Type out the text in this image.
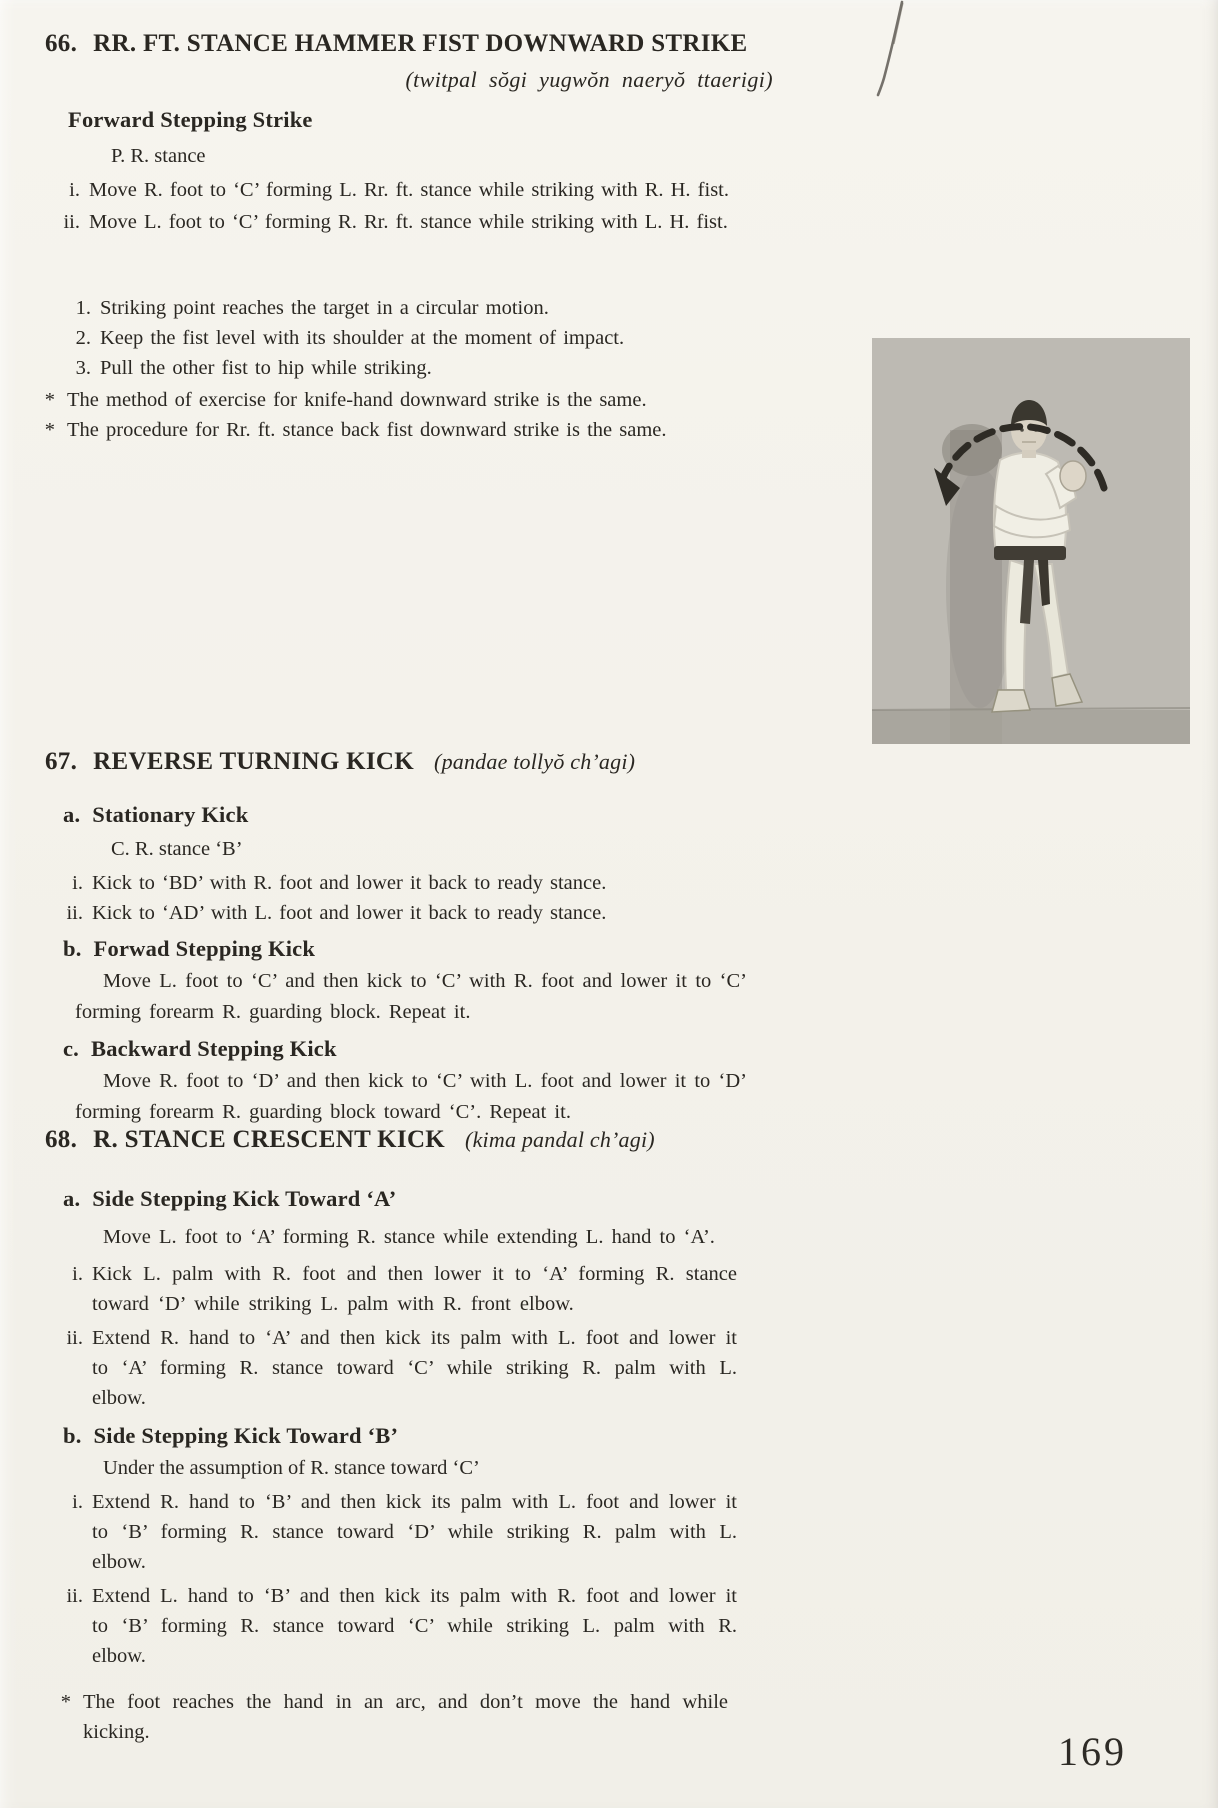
66. RR. FT. STANCE HAMMER FIST DOWNWARD STRIKE
(twitpal sŏgi yugwŏn naeryŏ ttaerigi)
Forward Stepping Strike
P. R. stance
i. Move R. foot to ‘C’ forming L. Rr. ft. stance while striking with R. H. fist.
ii. Move L. foot to ‘C’ forming R. Rr. ft. stance while striking with L. H. fist.
1. Striking point reaches the target in a circular motion.
2. Keep the fist level with its shoulder at the moment of impact.
3. Pull the other fist to hip while striking.
* The method of exercise for knife-hand downward strike is the same.
* The procedure for Rr. ft. stance back fist downward strike is the same.
67. REVERSE TURNING KICK (pandae tollyŏ ch’agi)
a. Stationary Kick
C. R. stance ‘B’
i. Kick to ‘BD’ with R. foot and lower it back to ready stance.
ii. Kick to ‘AD’ with L. foot and lower it back to ready stance.
b. Forwad Stepping Kick
Move L. foot to ‘C’ and then kick to ‘C’ with R. foot and lower it to ‘C’ forming forearm R. guarding block. Repeat it.
c. Backward Stepping Kick
Move R. foot to ‘D’ and then kick to ‘C’ with L. foot and lower it to ‘D’ forming forearm R. guarding block toward ‘C’. Repeat it.
68. R. STANCE CRESCENT KICK (kima pandal ch’agi)
a. Side Stepping Kick Toward ‘A’
Move L. foot to ‘A’ forming R. stance while extending L. hand to ‘A’.
i. Kick L. palm with R. foot and then lower it to ‘A’ forming R. stance toward ‘D’ while striking L. palm with R. front elbow.
ii. Extend R. hand to ‘A’ and then kick its palm with L. foot and lower it to ‘A’ forming R. stance toward ‘C’ while striking R. palm with L. elbow.
b. Side Stepping Kick Toward ‘B’
Under the assumption of R. stance toward ‘C’
i. Extend R. hand to ‘B’ and then kick its palm with L. foot and lower it to ‘B’ forming R. stance toward ‘D’ while striking R. palm with L. elbow.
ii. Extend L. hand to ‘B’ and then kick its palm with R. foot and lower it to ‘B’ forming R. stance toward ‘C’ while striking L. palm with R. elbow.
* The foot reaches the hand in an arc, and don’t move the hand while kicking.	169
